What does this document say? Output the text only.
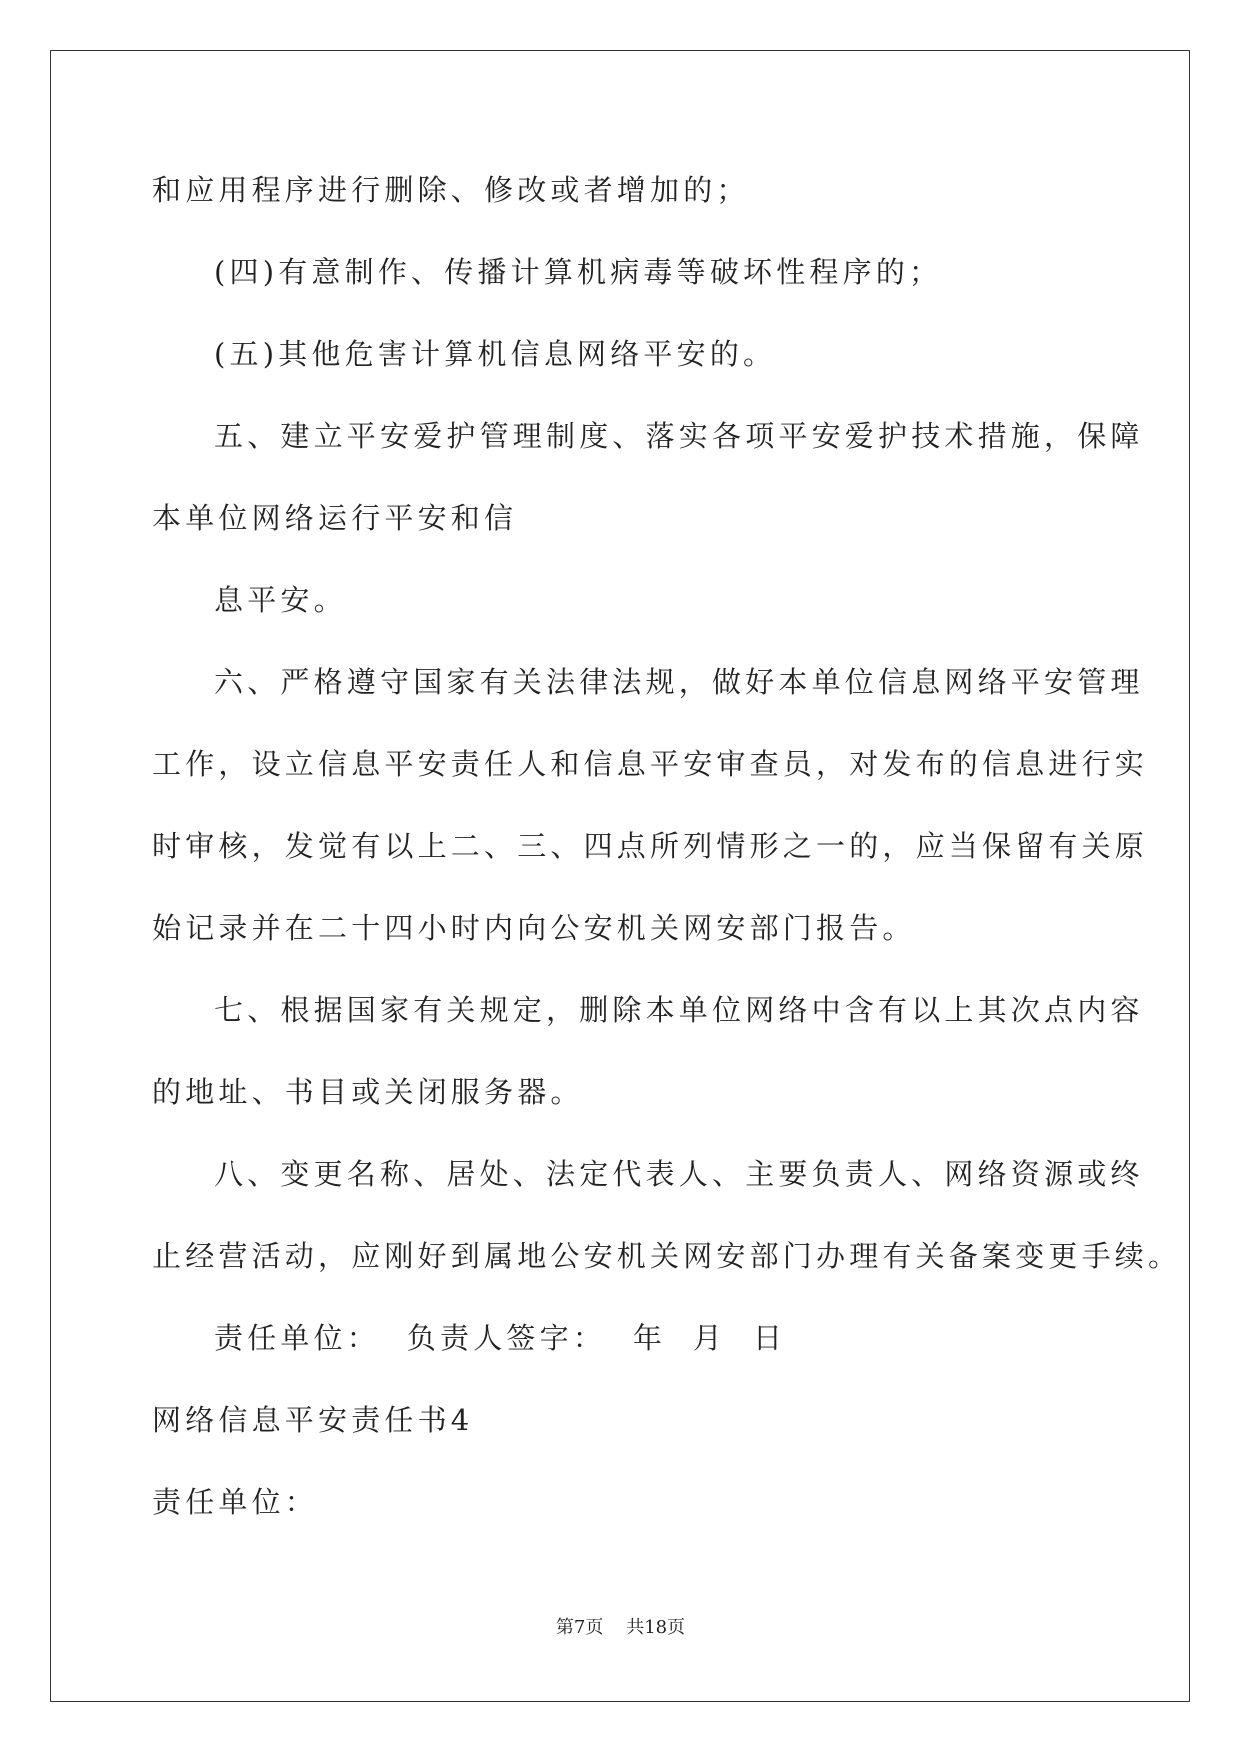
和应用程序进行删除、修改或者增加的；
(四)有意制作、传播计算机病毒等破坏性程序的；
(五)其他危害计算机信息网络平安的。
五、建立平安爱护管理制度、落实各项平安爱护技术措施，保障
本单位网络运行平安和信
息平安。
六、严格遵守国家有关法律法规，做好本单位信息网络平安管理
工作，设立信息平安责任人和信息平安审查员，对发布的信息进行实
时审核，发觉有以上二、三、四点所列情形之一的，应当保留有关原
始记录并在二十四小时内向公安机关网安部门报告。
七、根据国家有关规定，删除本单位网络中含有以上其次点内容
的地址、书目或关闭服务器。
八、变更名称、居处、法定代表人、主要负责人、网络资源或终
止经营活动，应刚好到属地公安机关网安部门办理有关备案变更手续。
责任单位：  负责人签字：  年  月  日
网络信息平安责任书4
责任单位：
第7页    共18页
